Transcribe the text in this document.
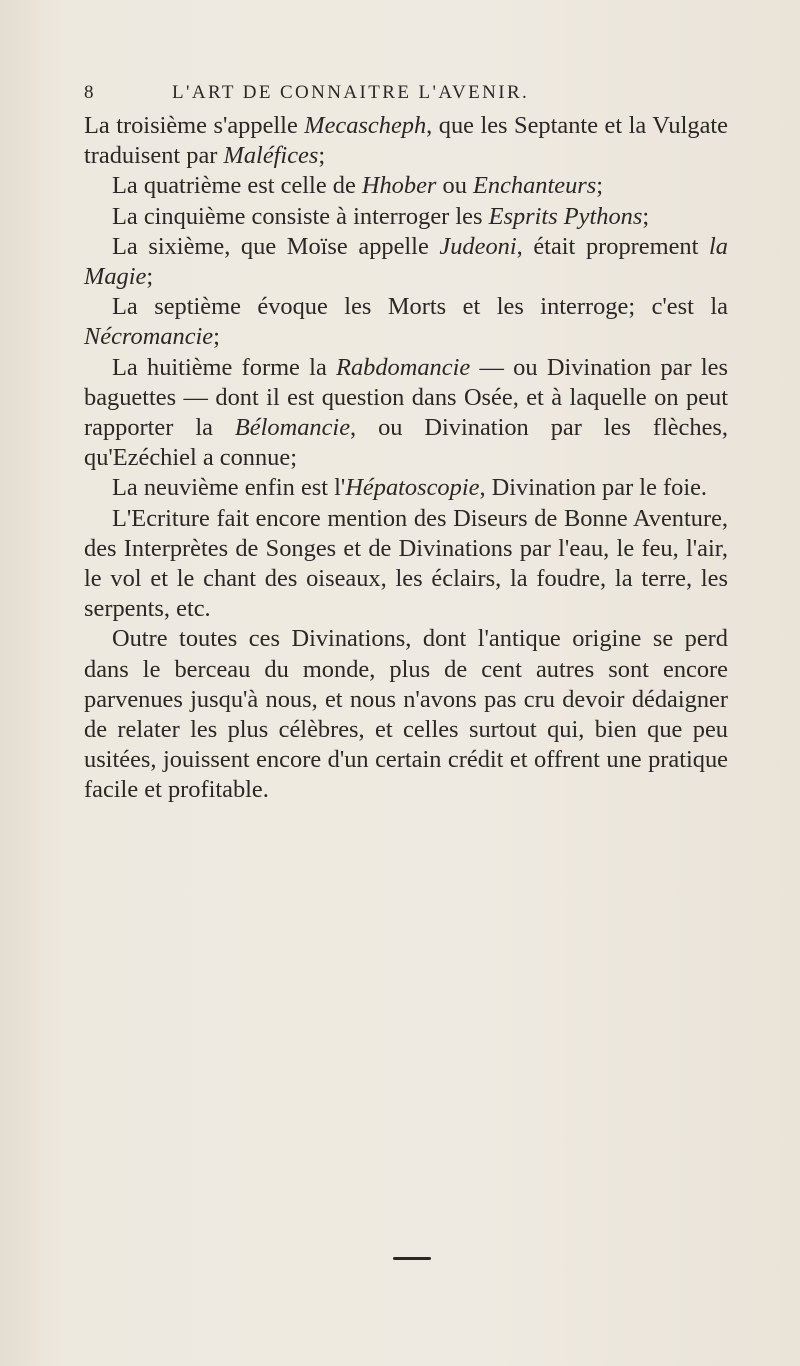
8	L'ART DE CONNAITRE L'AVENIR.

La troisième s'appelle Mecascheph, que les Septante et la Vulgate traduisent par Maléfices;

La quatrième est celle de Hhober ou Enchanteurs;

La cinquième consiste à interroger les Esprits Pythons;

La sixième, que Moïse appelle Judeoni, était proprement la Magie;

La septième évoque les Morts et les interroge; c'est la Nécromancie;

La huitième forme la Rabdomancie — ou Divination par les baguettes — dont il est question dans Osée, et à laquelle on peut rapporter la Bélomancie, ou Divination par les flèches, qu'Ezéchiel a connue;

La neuvième enfin est l'Hépatoscopie, Divination par le foie.

L'Ecriture fait encore mention des Diseurs de Bonne Aventure, des Interprètes de Songes et de Divinations par l'eau, le feu, l'air, le vol et le chant des oiseaux, les éclairs, la foudre, la terre, les serpents, etc.

Outre toutes ces Divinations, dont l'antique origine se perd dans le berceau du monde, plus de cent autres sont encore parvenues jusqu'à nous, et nous n'avons pas cru devoir dédaigner de relater les plus célèbres, et celles surtout qui, bien que peu usitées, jouissent encore d'un certain crédit et offrent une pratique facile et profitable.
